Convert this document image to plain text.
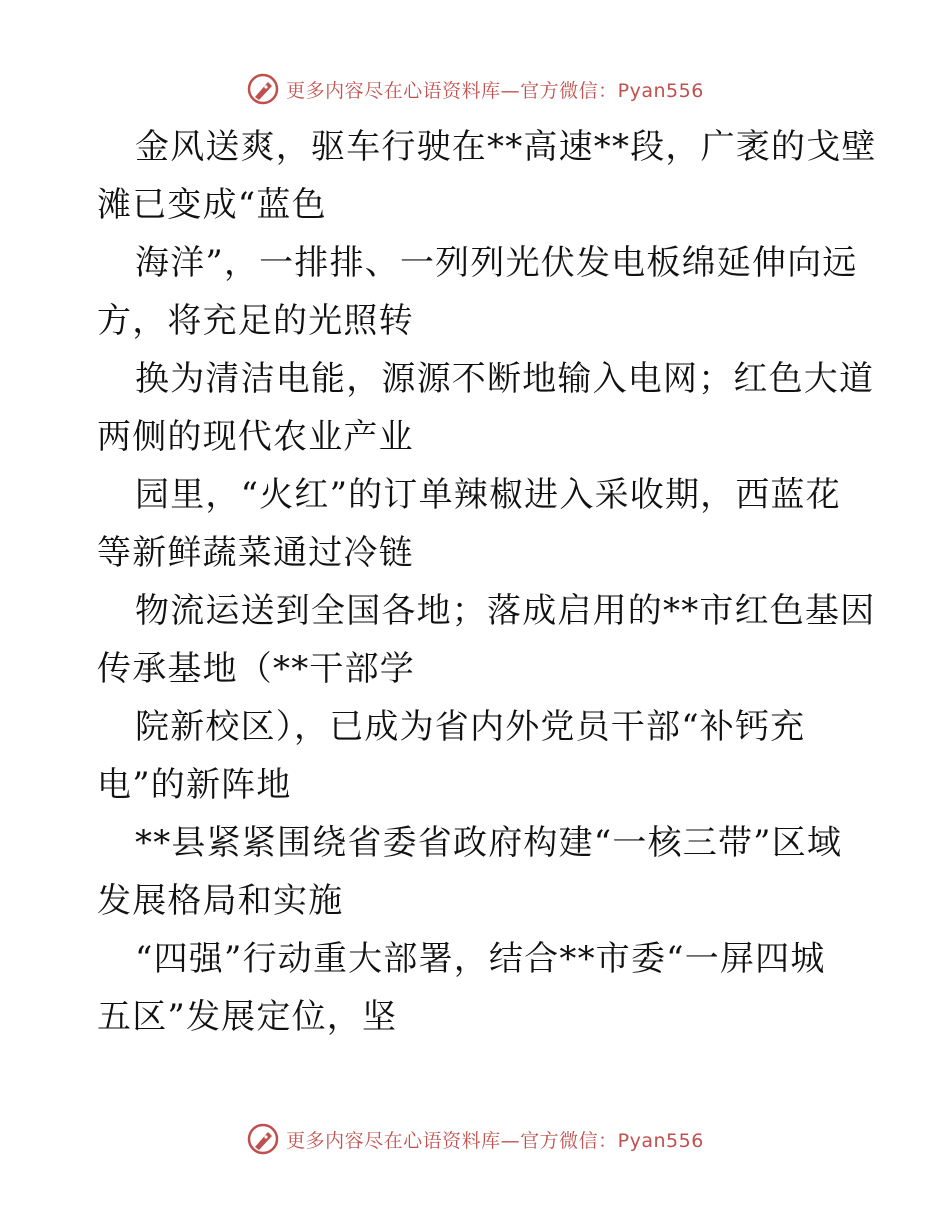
更多内容尽在心语资料库—官方微信：Pyan556
金风送爽，驱车行驶在**高速**段，广袤的戈壁
滩已变成“蓝色
海洋”，一排排、一列列光伏发电板绵延伸向远
方，将充足的光照转
换为清洁电能，源源不断地输入电网；红色大道
两侧的现代农业产业
园里，“火红”的订单辣椒进入采收期，西蓝花
等新鲜蔬菜通过冷链
物流运送到全国各地；落成启用的**市红色基因
传承基地（**干部学
院新校区），已成为省内外党员干部“补钙充
电”的新阵地
**县紧紧围绕省委省政府构建“一核三带”区域
发展格局和实施
“四强”行动重大部署，结合**市委“一屏四城
五区”发展定位，坚
更多内容尽在心语资料库—官方微信：Pyan556
